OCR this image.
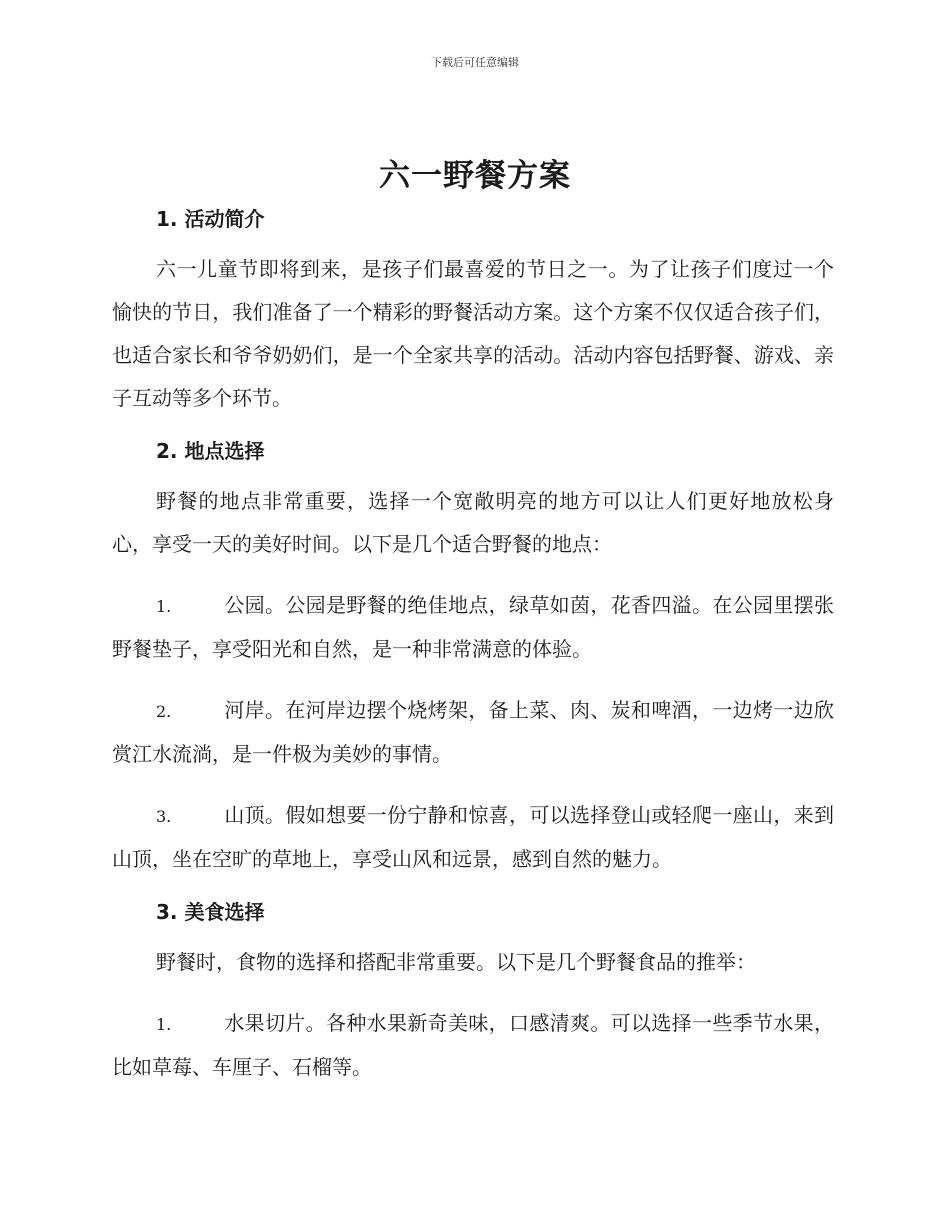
下载后可任意编辑
六一野餐方案
1. 活动简介

六一儿童节即将到来，是孩子们最喜爱的节日之一。为了让孩子们度过一个愉快的节日，我们准备了一个精彩的野餐活动方案。这个方案不仅仅适合孩子们，也适合家长和爷爷奶奶们，是一个全家共享的活动。活动内容包括野餐、游戏、亲子互动等多个环节。

2. 地点选择

野餐的地点非常重要，选择一个宽敞明亮的地方可以让人们更好地放松身心，享受一天的美好时间。以下是几个适合野餐的地点：

1.	公园。公园是野餐的绝佳地点，绿草如茵，花香四溢。在公园里摆张野餐垫子，享受阳光和自然，是一种非常满意的体验。

2.	河岸。在河岸边摆个烧烤架，备上菜、肉、炭和啤酒，一边烤一边欣赏江水流淌，是一件极为美妙的事情。

3.	山顶。假如想要一份宁静和惊喜，可以选择登山或轻爬一座山，来到山顶，坐在空旷的草地上，享受山风和远景，感到自然的魅力。

3. 美食选择

野餐时，食物的选择和搭配非常重要。以下是几个野餐食品的推举：

1.	水果切片。各种水果新奇美味，口感清爽。可以选择一些季节水果，比如草莓、车厘子、石榴等。
